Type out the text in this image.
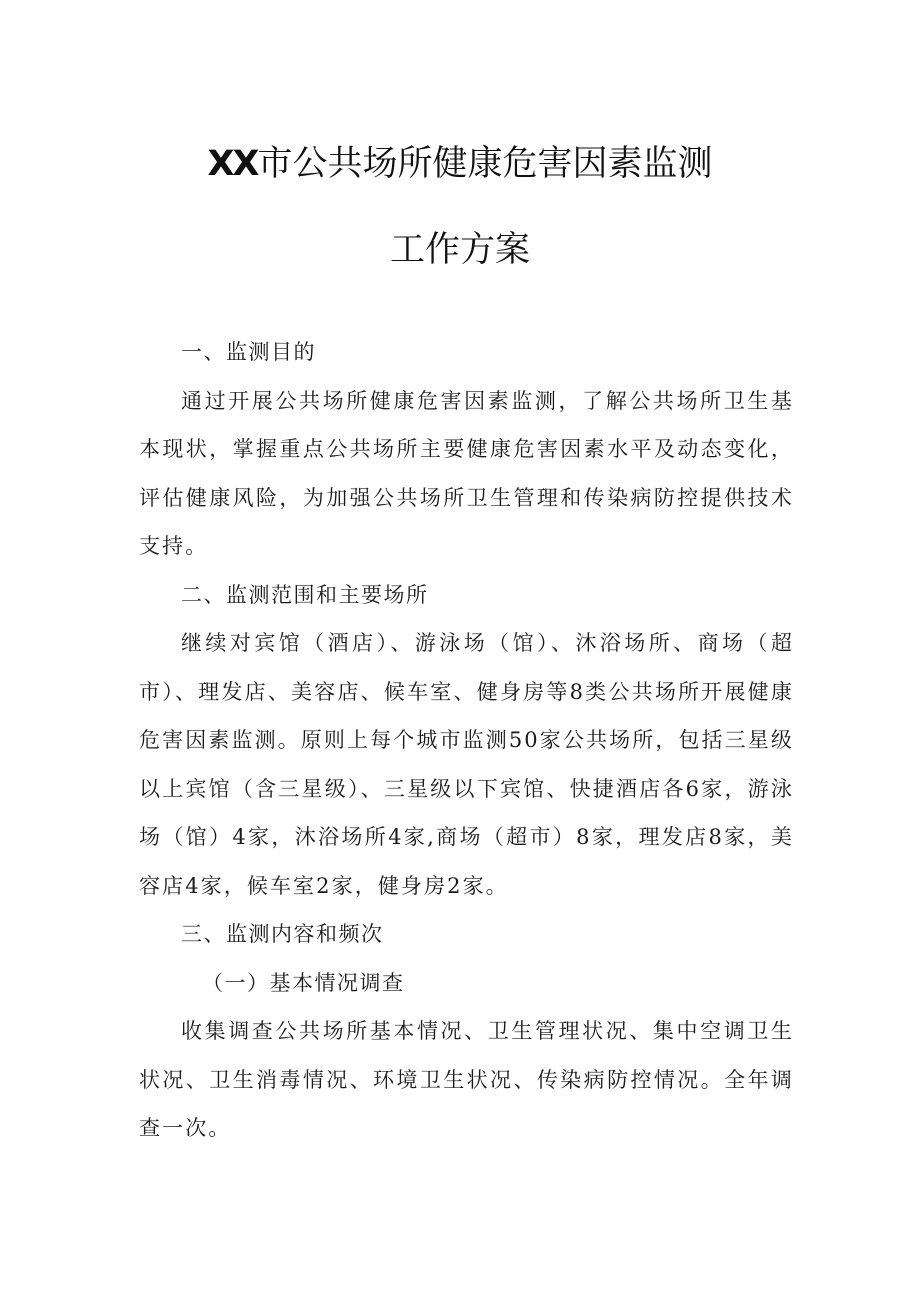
XX市公共场所健康危害因素监测
工作方案

一、监测目的

通过开展公共场所健康危害因素监测，了解公共场所卫生基本现状，掌握重点公共场所主要健康危害因素水平及动态变化，评估健康风险，为加强公共场所卫生管理和传染病防控提供技术支持。

二、监测范围和主要场所

继续对宾馆（酒店）、游泳场（馆）、沐浴场所、商场（超市）、理发店、美容店、候车室、健身房等8类公共场所开展健康危害因素监测。原则上每个城市监测50家公共场所，包括三星级以上宾馆（含三星级）、三星级以下宾馆、快捷酒店各6家，游泳场（馆）4家，沐浴场所4家,商场（超市）8家，理发店8家，美容店4家，候车室2家，健身房2家。

三、监测内容和频次

（一）基本情况调查

收集调查公共场所基本情况、卫生管理状况、集中空调卫生状况、卫生消毒情况、环境卫生状况、传染病防控情况。全年调查一次。
